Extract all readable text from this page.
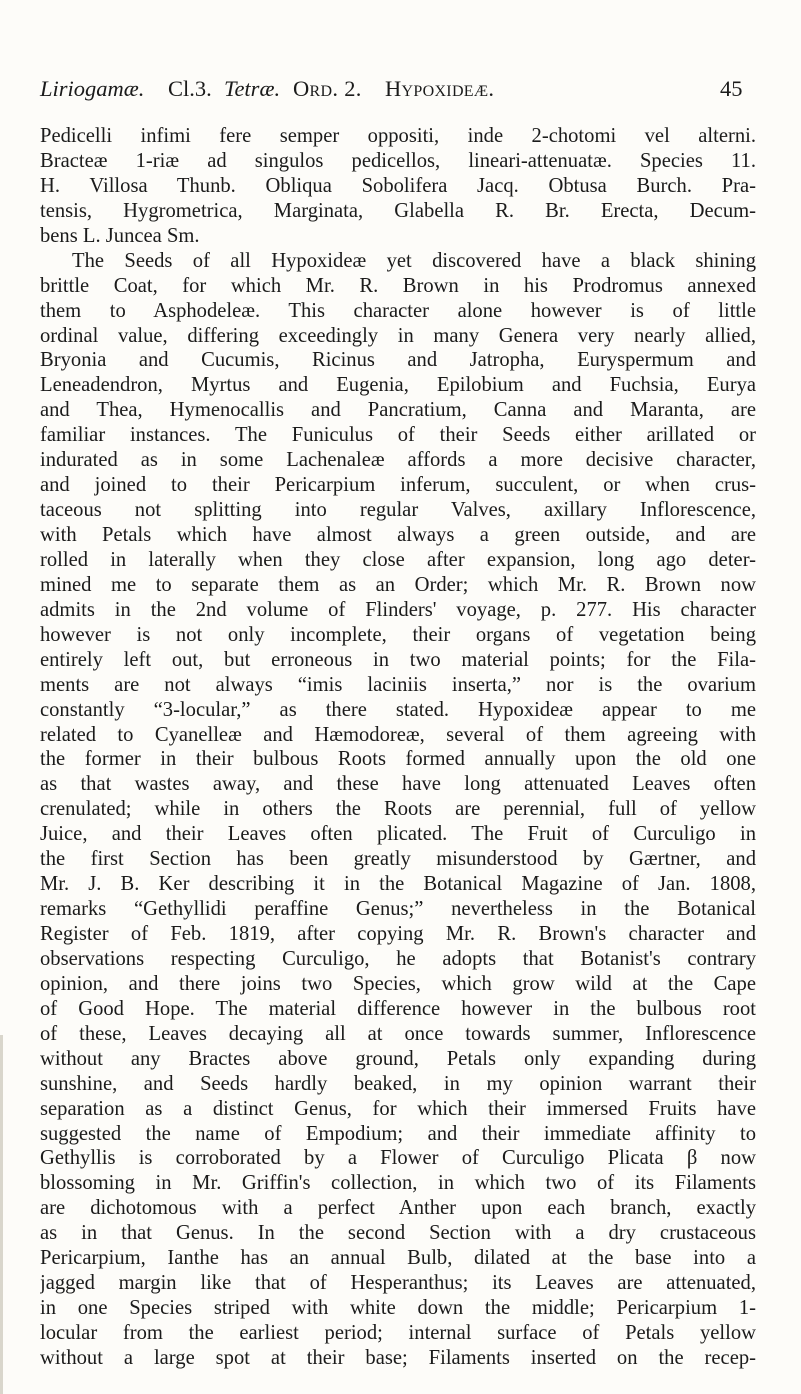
Liriogamæ. Cl.3. Tetræ. Ord. 2. Hypoxideæ.	45
Pedicelli infimi fere semper oppositi, inde 2-chotomi vel alterni.
Bracteæ 1-riæ ad singulos pedicellos, lineari-attenuatæ. Species 11.
H. Villosa Thunb. Obliqua Sobolifera Jacq. Obtusa Burch. Pra-
tensis, Hygrometrica, Marginata, Glabella R. Br. Erecta, Decum-
bens L. Juncea Sm.
The Seeds of all Hypoxideæ yet discovered have a black shining
brittle Coat, for which Mr. R. Brown in his Prodromus annexed
them to Asphodeleæ. This character alone however is of little
ordinal value, differing exceedingly in many Genera very nearly allied,
Bryonia and Cucumis, Ricinus and Jatropha, Euryspermum and
Leneadendron, Myrtus and Eugenia, Epilobium and Fuchsia, Eurya
and Thea, Hymenocallis and Pancratium, Canna and Maranta, are
familiar instances. The Funiculus of their Seeds either arillated or
indurated as in some Lachenaleæ affords a more decisive character,
and joined to their Pericarpium inferum, succulent, or when crus-
taceous not splitting into regular Valves, axillary Inflorescence,
with Petals which have almost always a green outside, and are
rolled in laterally when they close after expansion, long ago deter-
mined me to separate them as an Order; which Mr. R. Brown now
admits in the 2nd volume of Flinders' voyage, p. 277. His character
however is not only incomplete, their organs of vegetation being
entirely left out, but erroneous in two material points; for the Fila-
ments are not always “imis laciniis inserta,” nor is the ovarium
constantly “3-locular,” as there stated. Hypoxideæ appear to me
related to Cyanelleæ and Hæmodoreæ, several of them agreeing with
the former in their bulbous Roots formed annually upon the old one
as that wastes away, and these have long attenuated Leaves often
crenulated; while in others the Roots are perennial, full of yellow
Juice, and their Leaves often plicated. The Fruit of Curculigo in
the first Section has been greatly misunderstood by Gærtner, and
Mr. J. B. Ker describing it in the Botanical Magazine of Jan. 1808,
remarks “Gethyllidi peraffine Genus;” nevertheless in the Botanical
Register of Feb. 1819, after copying Mr. R. Brown's character and
observations respecting Curculigo, he adopts that Botanist's contrary
opinion, and there joins two Species, which grow wild at the Cape
of Good Hope. The material difference however in the bulbous root
of these, Leaves decaying all at once towards summer, Inflorescence
without any Bractes above ground, Petals only expanding during
sunshine, and Seeds hardly beaked, in my opinion warrant their
separation as a distinct Genus, for which their immersed Fruits have
suggested the name of Empodium; and their immediate affinity to
Gethyllis is corroborated by a Flower of Curculigo Plicata β now
blossoming in Mr. Griffin's collection, in which two of its Filaments
are dichotomous with a perfect Anther upon each branch, exactly
as in that Genus. In the second Section with a dry crustaceous
Pericarpium, Ianthe has an annual Bulb, dilated at the base into a
jagged margin like that of Hesperanthus; its Leaves are attenuated,
in one Species striped with white down the middle; Pericarpium 1-
locular from the earliest period; internal surface of Petals yellow
without a large spot at their base; Filaments inserted on the recep-
